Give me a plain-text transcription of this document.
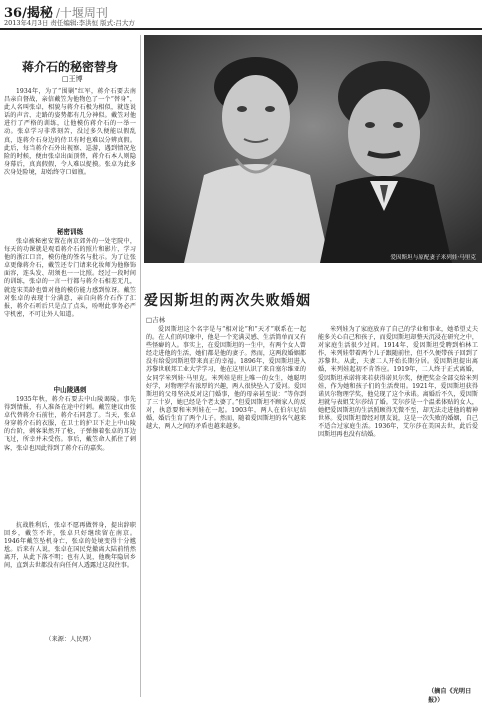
36/揭秘 /十堰周刊
2013年4月3日 责任编辑:李洪恒 版式:吕大方
蒋介石的秘密替身
□王博
1934年，为了“围剿”红军，蒋介石要去南昌亲自督战，亲信戴笠为他物色了一个“替身”，此人名叫张卓，相貌与蒋介石极为相似，就连说话的声音、走路的姿势都有几分神似。戴笠对他进行了严格的训练，让他模仿蒋介石的一举一动。张卓学习非常刻苦，没过多久便能以假乱真，连蒋介石身边的侍卫有时也难以分辨真假。此后，每当蒋介石外出视察、巡游，遇到情况危险的时候，便由张卓出面顶替，蒋介石本人则隐身幕后，真真假假，令人难以捉摸。张卓为此多次身处险境，却始终守口如瓶。
秘密训练
张卓被秘密安置在南京郊外的一处宅院中，每天的功课就是观看蒋介石的照片和影片，学习他的浙江口音，模仿他的签名与批示。为了让张卓更像蒋介石，戴笠还专门请来化妆师为他修饰面容，连头发、胡须也一一比照。经过一段时间的训练，张卓的一言一行都与蒋介石相差无几，就连宋美龄也曾对他的模仿能力感到惊讶。戴笠对张卓的表现十分满意，亲自向蒋介石作了汇报，蒋介石听后只是点了点头，吩咐此事务必严守机密，不可让外人知道。
中山陵遇刺
1935年秋，蒋介石要去中山陵谒陵。事先得到情报，有人准备在途中行刺。戴笠建议由张卓代替蒋介石前往，蒋介石同意了。当天，张卓身穿蒋介石的衣服，在卫士的护卫下走上中山陵的台阶，刺客果然开了枪，子弹擦着张卓的耳边飞过，所幸并未受伤。事后，戴笠命人抓住了刺客，张卓也因此得到了蒋介石的嘉奖。
抗战胜利后，张卓不愿再做替身，提出辞职回乡，戴笠不许，张卓只好继续留在南京。1946年戴笠坠机身亡，张卓的处境变得十分尴尬。后来有人说，张卓在国民党撤离大陆前悄然离开，从此下落不明；也有人说，他晚年隐居乡间，直到去世都没有向任何人透露过这段往事。
（来源：人民网）
爱因斯坦与原配妻子米列娃·马里克
爱因斯坦的两次失败婚姻
□吉林
爱因斯坦这个名字是与“相对论”和“天才”联系在一起的。在人们的印象中，他是一个充满灵感、生活简单而又有些怪癖的人。事实上，在爱因斯坦的一生中，有两个女人曾经走进他的生活，她们都是他的妻子。然而，这两段婚姻都没有给爱因斯坦带来真正的幸福。1896年，爱因斯坦进入苏黎世联邦工业大学学习，他在这里认识了来自塞尔维亚的女同学米列娃·马里克。米列娃是班上唯一的女生，她聪明好学，对物理学有浓厚的兴趣，两人很快坠入了爱河。爱因斯坦的父母坚决反对这门婚事，他的母亲甚至说：“等你到了三十岁，她已经是个老太婆了。”但爱因斯坦不顾家人的反对，执意要和米列娃在一起。1903年，两人在伯尔尼结婚，婚后生育了两个儿子。然而，随着爱因斯坦的名气越来越大，两人之间的矛盾也越来越多。
米列娃为了家庭放弃了自己的学业和事业，她希望丈夫能多关心自己和孩子，而爱因斯坦却整天沉浸在研究之中，对家庭生活很少过问。1914年，爱因斯坦受聘到柏林工作，米列娃带着两个儿子跟随前往，但不久便带孩子回到了苏黎世。从此，夫妻二人开始长期分居。爱因斯坦提出离婚，米列娃起初不肯答应。1919年，二人终于正式离婚，爱因斯坦承诺将来若获得诺贝尔奖，便把奖金全部交给米列娃，作为她和孩子们的生活费用。1921年，爱因斯坦获得诺贝尔物理学奖，他兑现了这个承诺。离婚后不久，爱因斯坦就与表姐艾尔莎结了婚。艾尔莎是一个温柔体贴的女人，她把爱因斯坦的生活照顾得无微不至，却无法走进他的精神世界。爱因斯坦曾经对朋友说，这是一次失败的婚姻，自己不适合过家庭生活。1936年，艾尔莎在美国去世，此后爱因斯坦再也没有结婚。
（摘自《光明日报》）
